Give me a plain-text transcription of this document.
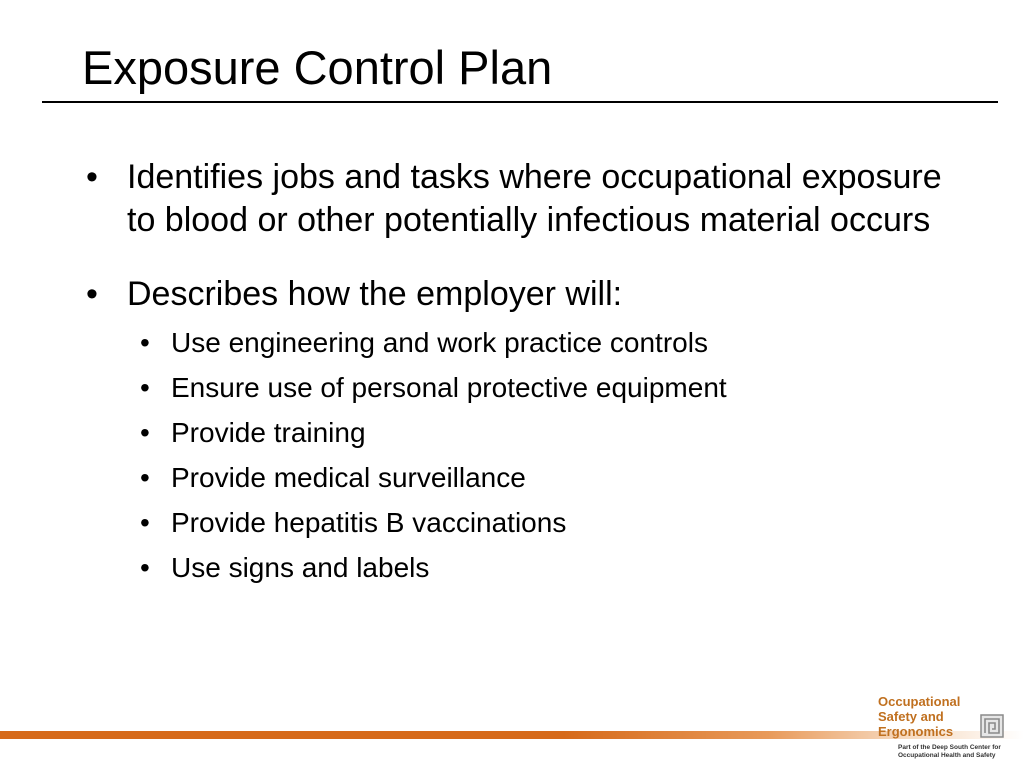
Exposure Control Plan
• Identifies jobs and tasks where occupational exposure to blood or other potentially infectious material occurs
• Describes how the employer will:
• Use engineering and work practice controls
• Ensure use of personal protective equipment
• Provide training
• Provide medical surveillance
• Provide hepatitis B vaccinations
• Use signs and labels
Occupational
Safety and
Ergonomics
Part of the Deep South Center for
Occupational Health and Safety
